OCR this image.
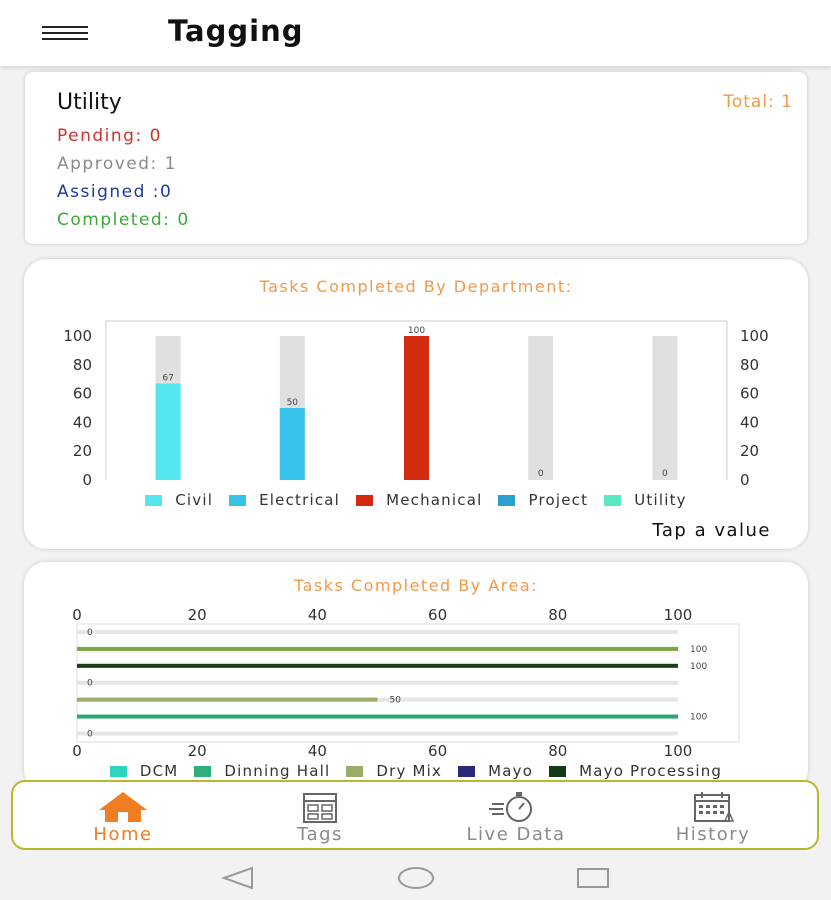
Tagging
Utility	Total: 1
Pending: 0
Approved: 1
Assigned :0
Completed: 0
Tasks Completed By Department:
0	0
20	20
40	40
60	60
80	80
100	100
67
50
100
0	0
Civil	Electrical	Mechanical	Project	Utility
Tap a value
Tasks Completed By Area:
0
0
20
20
40
40
60
60
80
80
100
100
0
100
100
0
50
100
0
DCM	Dinning Hall	Dry Mix	Mayo	Mayo Processing
Home	Tags	Live Data	History
